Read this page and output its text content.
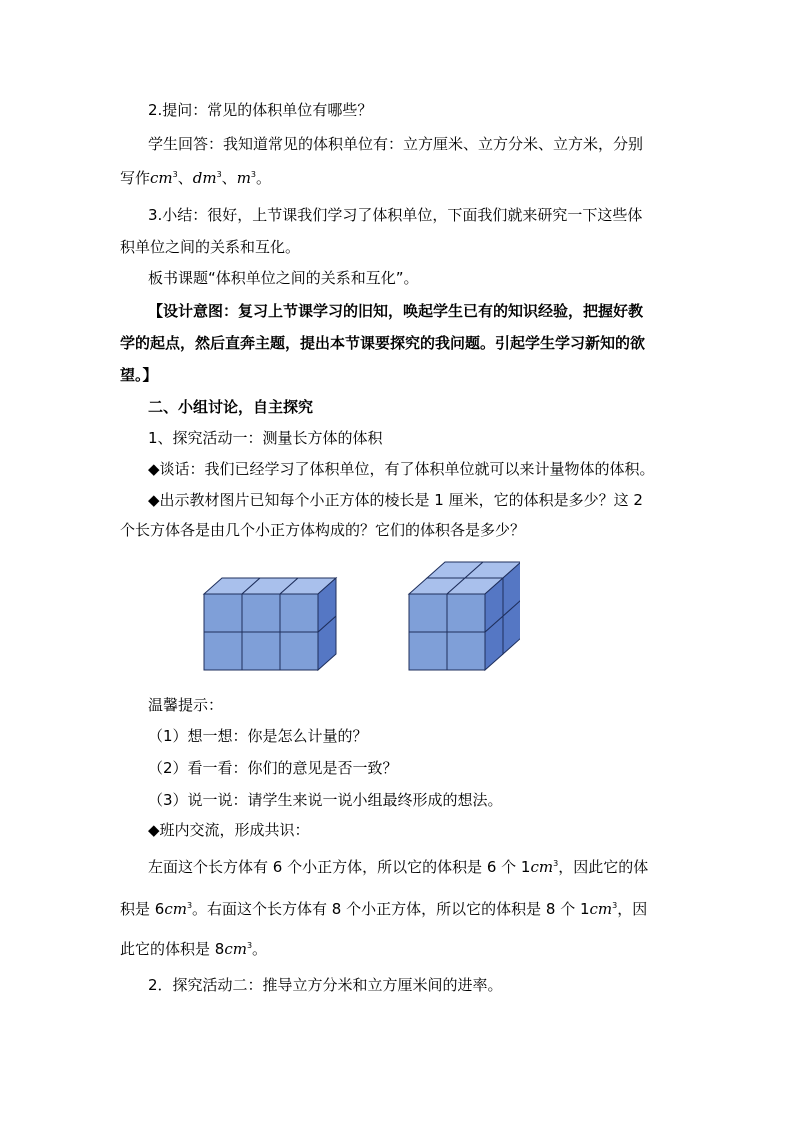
2.提问：常见的体积单位有哪些？
学生回答：我知道常见的体积单位有：立方厘米、立方分米、立方米，分别
写作$cm^3$、$dm^3$、$m^3$。
3.小结：很好，上节课我们学习了体积单位，下面我们就来研究一下这些体
积单位之间的关系和互化。
板书课题“体积单位之间的关系和互化”。
【设计意图：复习上节课学习的旧知，唤起学生已有的知识经验，把握好教
学的起点，然后直奔主题，提出本节课要探究的我问题。引起学生学习新知的欲
望。】
二、小组讨论，自主探究
1、探究活动一：测量长方体的体积
◆谈话：我们已经学习了体积单位，有了体积单位就可以来计量物体的体积。
◆出示教材图片已知每个小正方体的棱长是 1 厘米，它的体积是多少？这 2
个长方体各是由几个小正方体构成的？它们的体积各是多少？
温馨提示：
（1）想一想：你是怎么计量的？
（2）看一看：你们的意见是否一致？
（3）说一说：请学生来说一说小组最终形成的想法。
◆班内交流，形成共识：
左面这个长方体有 6 个小正方体，所以它的体积是 6 个 $1cm^3$，因此它的体
积是 $6cm^3$。右面这个长方体有 8 个小正方体，所以它的体积是 8 个 $1cm^3$，因
此它的体积是 $8cm^3$。
2．探究活动二：推导立方分米和立方厘米间的进率。
